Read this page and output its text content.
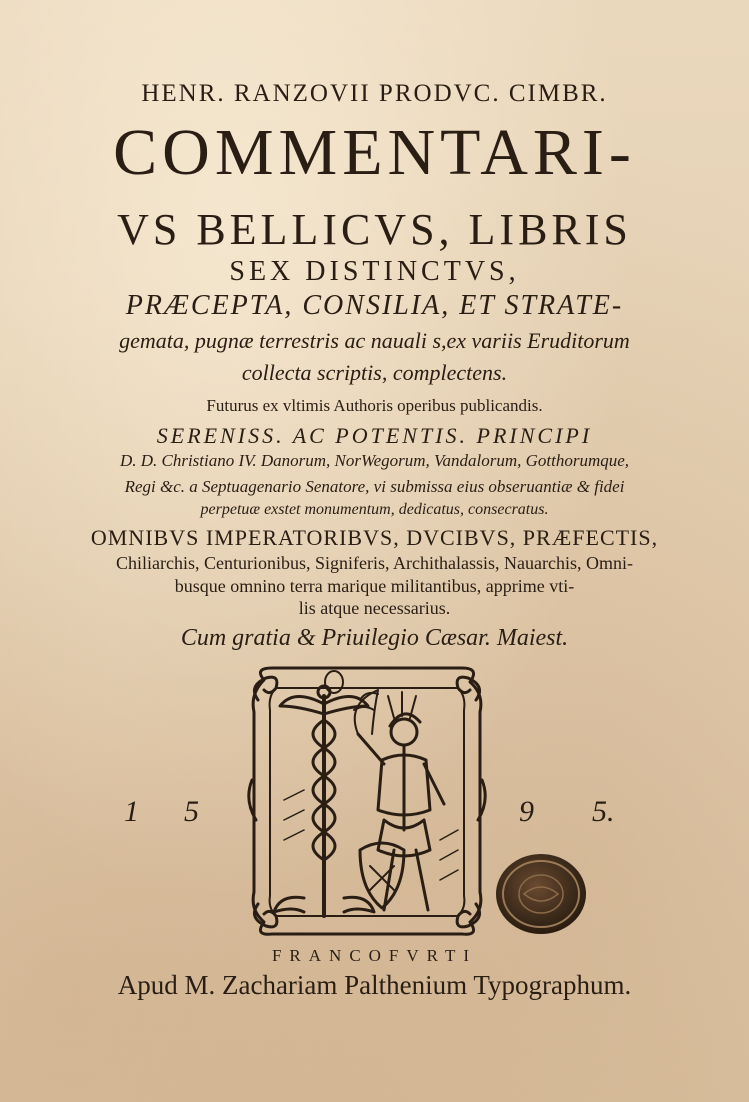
HENR. RANZOVII PRODVC. CIMBR.
COMMENTARI-
VS BELLICVS, LIBRIS
SEX DISTINCTVS,
PRÆCEPTA, CONSILIA, ET STRATE-
gemata, pugnæ terrestris ac nauali s,ex variis Eruditorum
collecta scriptis, complectens.
Futurus ex vltimis Authoris operibus publicandis.
SERENISS. AC POTENTIS. PRINCIPI
D. D. Christiano IV. Danorum, NorWegorum, Vandalorum, Gotthorumque,
Regi &c. a Septuagenario Senatore, vi submissa eius obseruantiæ & fidei
perpetuæ exstet monumentum, dedicatus, consecratus.
OMNIBVS IMPERATORIBVS, DVCIBVS, PRÆFECTIS,
Chiliarchis, Centurionibus, Signiferis, Archithalassis, Nauarchis, Omni-
busque omnino terra marique militantibus, apprime vti-
lis atque necessarius.
Cum gratia & Priuilegio Cæsar. Maiest.
1 5	9 5.
FRANCOFVRTI
Apud M. Zachariam Palthenium Typographum.
